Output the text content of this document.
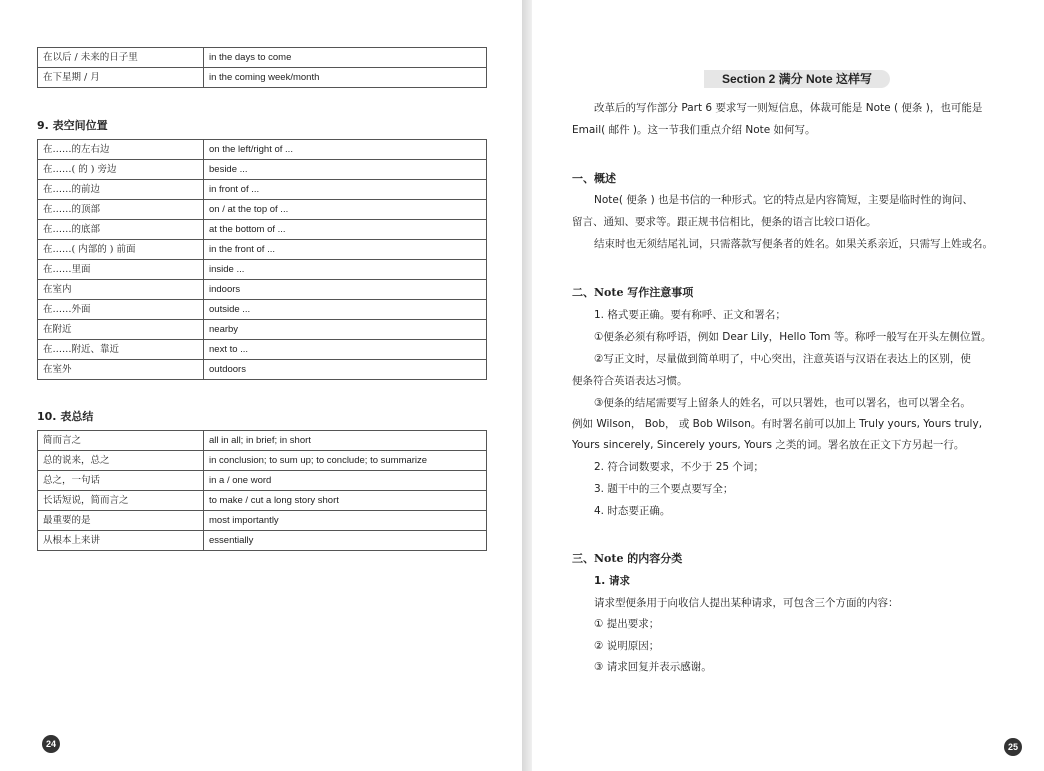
在以后 / 未来的日子里	in the days to come
在下星期 / 月	in the coming week/month
9. 表空间位置
在……的左右边	on the left/right of ...
在……( 的 ) 旁边	beside ...
在……的前边	in front of ...
在……的顶部	on / at the top of ...
在……的底部	at the bottom of ...
在……( 内部的 ) 前面	in the front of ...
在……里面	inside ...
在室内	indoors
在……外面	outside ...
在附近	nearby
在……附近、靠近	next to ...
在室外	outdoors
10. 表总结
简而言之	all in all; in brief; in short
总的说来，总之	in conclusion; to sum up; to conclude; to summarize
总之，一句话	in a / one word
长话短说，简而言之	to make / cut a long story short
最重要的是	most importantly
从根本上来讲	essentially
24
Section 2 满分 Note 这样写
改革后的写作部分 Part 6 要求写一则短信息，体裁可能是 Note ( 便条 )，也可能是
Email( 邮件 )。这一节我们重点介绍 Note 如何写。
一、概述
Note( 便条 ) 也是书信的一种形式。它的特点是内容简短，主要是临时性的询问、
留言、通知、要求等。跟正规书信相比，便条的语言比较口语化。
结束时也无须结尾礼词，只需落款写便条者的姓名。如果关系亲近，只需写上姓或名。
二、Note 写作注意事项
1. 格式要正确。要有称呼、正文和署名；
①便条必须有称呼语，例如 Dear Lily，Hello Tom 等。称呼一般写在开头左侧位置。
②写正文时，尽量做到简单明了，中心突出，注意英语与汉语在表达上的区别，使
便条符合英语表达习惯。
③便条的结尾需要写上留条人的姓名，可以只署姓，也可以署名，也可以署全名。
例如 Wilson， Bob， 或 Bob Wilson。有时署名前可以加上 Truly yours, Yours truly,
Yours sincerely, Sincerely yours, Yours 之类的词。署名放在正文下方另起一行。
2. 符合词数要求，不少于 25 个词；
3. 题干中的三个要点要写全；
4. 时态要正确。
三、Note 的内容分类
1. 请求
请求型便条用于向收信人提出某种请求，可包含三个方面的内容：
① 提出要求；
② 说明原因；
③ 请求回复并表示感谢。
25
